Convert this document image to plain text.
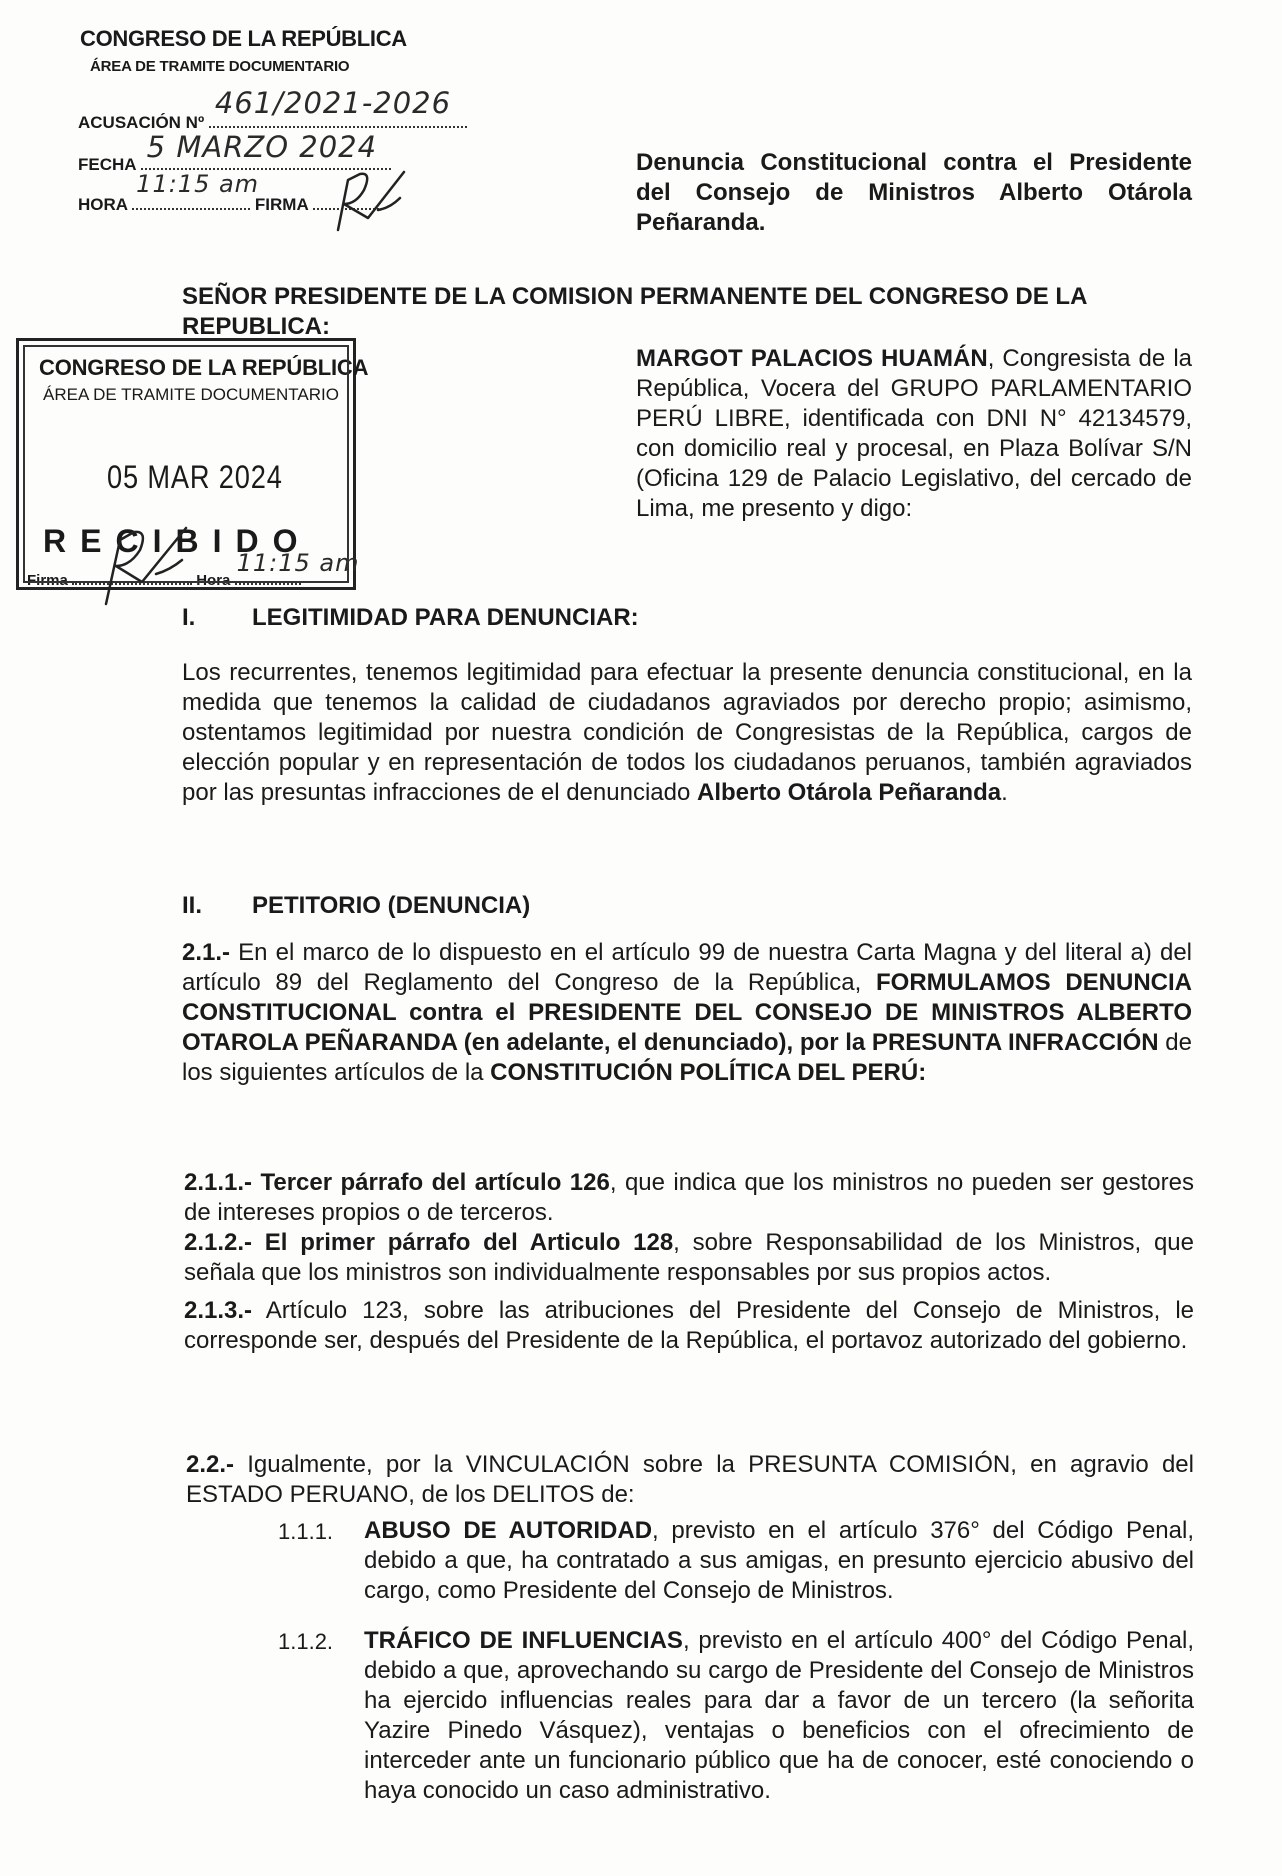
CONGRESO DE LA REPÚBLICA
ÁREA DE TRAMITE DOCUMENTARIO
ACUSACIÓN Nº
461/2021-2026
FECHA
5 MARZO 2024
HORA
11:15 am
FIRMA
Denuncia Constitucional contra el Presidente del Consejo de Ministros Alberto Otárola Peñaranda.
SEÑOR PRESIDENTE DE LA COMISION PERMANENTE DEL CONGRESO DE LA REPUBLICA:
CONGRESO DE LA REPÚBLICA
ÁREA DE TRAMITE DOCUMENTARIO
05 MAR 2024
RECIBIDO
Firma	Hora
11:15 am
MARGOT PALACIOS HUAMÁN, Congresista de la República, Vocera del GRUPO PARLAMENTARIO PERÚ LIBRE, identificada con DNI N° 42134579, con domicilio real y procesal, en Plaza Bolívar S/N (Oficina 129 de Palacio Legislativo, del cercado de Lima, me presento y digo:
I. LEGITIMIDAD PARA DENUNCIAR:
Los recurrentes, tenemos legitimidad para efectuar la presente denuncia constitucional, en la medida que tenemos la calidad de ciudadanos agraviados por derecho propio; asimismo, ostentamos legitimidad por nuestra condición de Congresistas de la República, cargos de elección popular y en representación de todos los ciudadanos peruanos, también agraviados por las presuntas infracciones de el denunciado Alberto Otárola Peñaranda.
II. PETITORIO (DENUNCIA)
2.1.- En el marco de lo dispuesto en el artículo 99 de nuestra Carta Magna y del literal a) del artículo 89 del Reglamento del Congreso de la República, FORMULAMOS DENUNCIA CONSTITUCIONAL contra el PRESIDENTE DEL CONSEJO DE MINISTROS ALBERTO OTAROLA PEÑARANDA (en adelante, el denunciado), por la PRESUNTA INFRACCIÓN de los siguientes artículos de la CONSTITUCIÓN POLÍTICA DEL PERÚ:
2.1.1.- Tercer párrafo del artículo 126, que indica que los ministros no pueden ser gestores de intereses propios o de terceros.
2.1.2.- El primer párrafo del Articulo 128, sobre Responsabilidad de los Ministros, que señala que los ministros son individualmente responsables por sus propios actos.
2.1.3.- Artículo 123, sobre las atribuciones del Presidente del Consejo de Ministros, le corresponde ser, después del Presidente de la República, el portavoz autorizado del gobierno.
2.2.- Igualmente, por la VINCULACIÓN sobre la PRESUNTA COMISIÓN, en agravio del ESTADO PERUANO, de los DELITOS de:
1.1.1. ABUSO DE AUTORIDAD, previsto en el artículo 376° del Código Penal, debido a que, ha contratado a sus amigas, en presunto ejercicio abusivo del cargo, como Presidente del Consejo de Ministros.
1.1.2. TRÁFICO DE INFLUENCIAS, previsto en el artículo 400° del Código Penal, debido a que, aprovechando su cargo de Presidente del Consejo de Ministros ha ejercido influencias reales para dar a favor de un tercero (la señorita Yazire Pinedo Vásquez), ventajas o beneficios con el ofrecimiento de interceder ante un funcionario público que ha de conocer, esté conociendo o haya conocido un caso administrativo.
